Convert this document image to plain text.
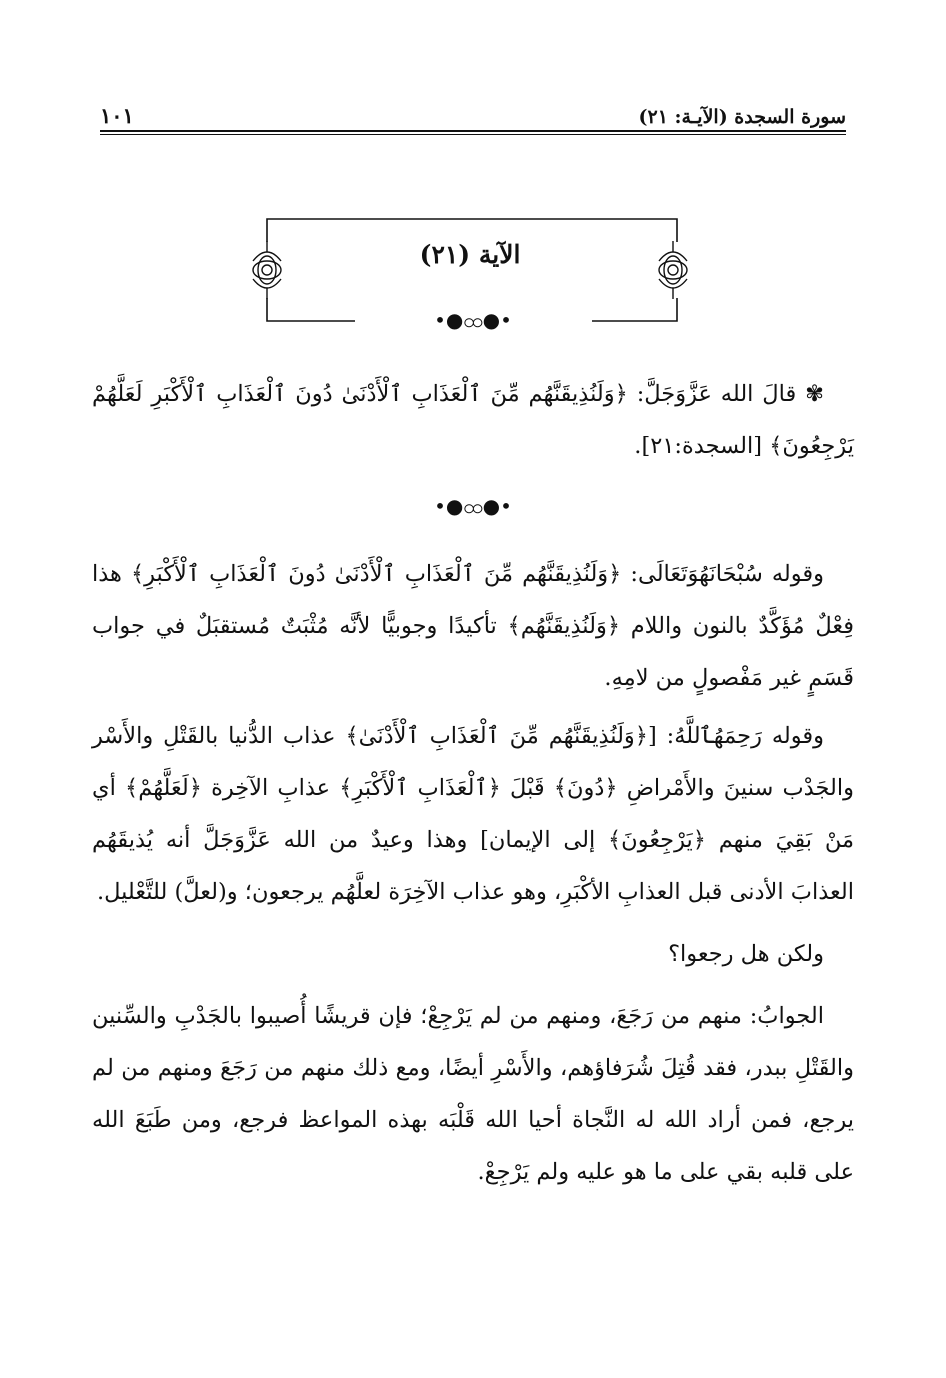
سورة السجدة (الآيـة: ٢١)
١٠١
الآية (٢١)
•●ထ●•

✾ قالَ الله عَزَّوَجَلَّ: ﴿وَلَنُذِيقَنَّهُم مِّنَ ٱلْعَذَابِ ٱلْأَدْنَىٰ دُونَ ٱلْعَذَابِ ٱلْأَكْبَرِ لَعَلَّهُمْ يَرْجِعُونَ﴾ [السجدة:٢١].

•●ထ●•

وقوله سُبْحَانَهُوَتَعَالَى: ﴿وَلَنُذِيقَنَّهُم مِّنَ ٱلْعَذَابِ ٱلْأَدْنَىٰ دُونَ ٱلْعَذَابِ ٱلْأَكْبَرِ﴾ هذا فِعْلٌ مُؤَكَّدٌ بالنون واللام ﴿وَلَنُذِيقَنَّهُم﴾ تأكيدًا وجوبيًّا لأنَّه مُثْبَتٌ مُستقبَلٌ في جواب قَسَمٍ غير مَفْصولٍ من لامِهِ.

وقوله رَحِمَهُٱللَّهُ: [﴿وَلَنُذِيقَنَّهُم مِّنَ ٱلْعَذَابِ ٱلْأَدْنَىٰ﴾ عذاب الدُّنيا بالقَتْلِ والأَسْر والجَدْب سنينَ والأَمْراضِ ﴿دُونَ﴾ قَبْلَ ﴿ٱلْعَذَابِ ٱلْأَكْبَرِ﴾ عذابِ الآخِرة ﴿لَعَلَّهُمْ﴾ أي مَنْ بَقِيَ منهم ﴿يَرْجِعُونَ﴾ إلى الإيمان] وهذا وعيدٌ من الله عَزَّوَجَلَّ أنه يُذيقَهُم العذابَ الأدنى قبل العذابِ الأكْبَرِ، وهو عذاب الآخِرَة لعلَّهُم يرجعون؛ و(لعلَّ) للتَّعْليل.

ولكن هل رجعوا؟

الجوابُ: منهم من رَجَعَ، ومنهم من لم يَرْجِعْ؛ فإن قريشًا أُصيبوا بالجَدْبِ والسِّنين والقَتْلِ ببدر، فقد قُتِلَ شُرَفاؤهم، والأَسْرِ أيضًا، ومع ذلك منهم من رَجَعَ ومنهم من لم يرجع، فمن أراد الله له النَّجاة أحيا الله قَلْبَه بهذه المواعظ فرجع، ومن طَبَعَ الله على قلبه بقي على ما هو عليه ولم يَرْجِعْ.
